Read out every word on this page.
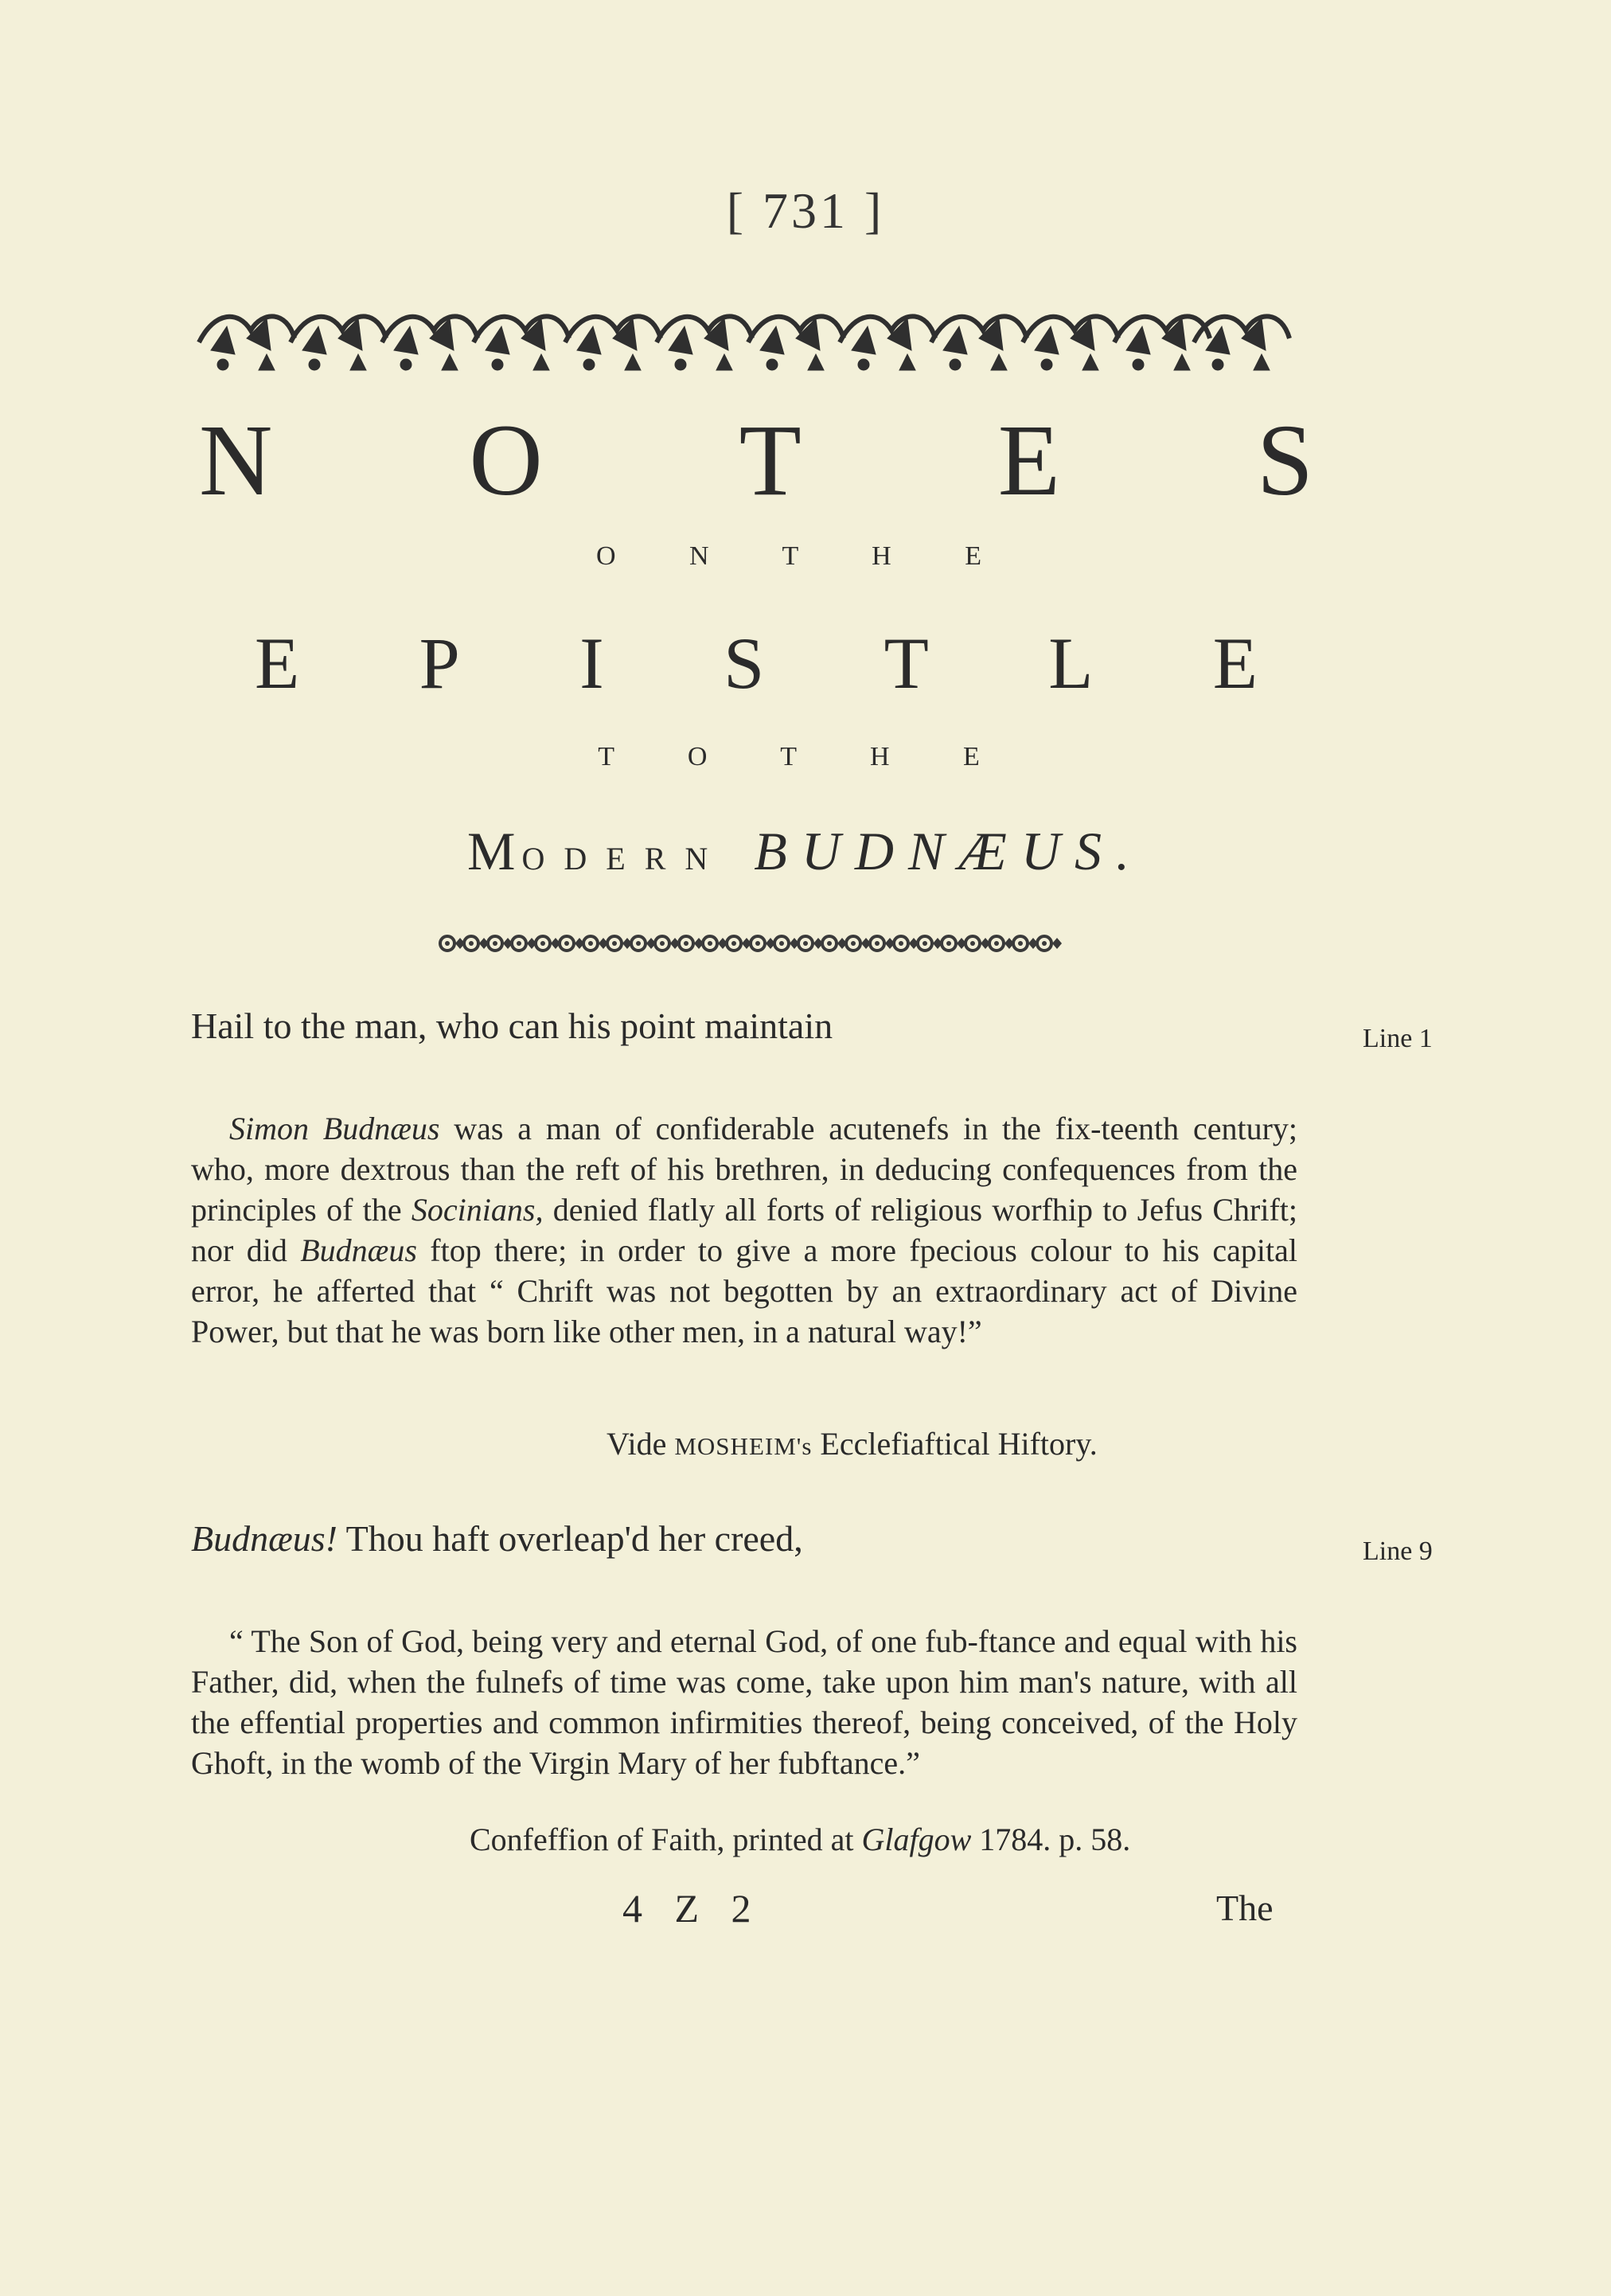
[ 731 ]
N O T E S
O N T H E
E P I S T L E
T O T H E
MODERN BUDNÆUS.
Hail to the man, who can his point maintain	Line 1
Simon Budnæus was a man of confiderable acutenefs in the fix-teenth century; who, more dextrous than the reft of his brethren, in deducing confequences from the principles of the Socinians, denied flatly all forts of religious worfhip to Jefus Chrift; nor did Budnæus ftop there; in order to give a more fpecious colour to his capital error, he afferted that “ Chrift was not begotten by an extraordinary act of Divine Power, but that he was born like other men, in a natural way!”
Vide MOSHEIM's Ecclefiaftical Hiftory.
Budnæus! Thou haft overleap'd her creed,	Line 9
“ The Son of God, being very and eternal God, of one fub-ftance and equal with his Father, did, when the fulnefs of time was come, take upon him man's nature, with all the effential properties and common infirmities thereof, being conceived, of the Holy Ghoft, in the womb of the Virgin Mary of her fubftance.”
Confeffion of Faith, printed at Glafgow 1784. p. 58.
4 Z 2	The
